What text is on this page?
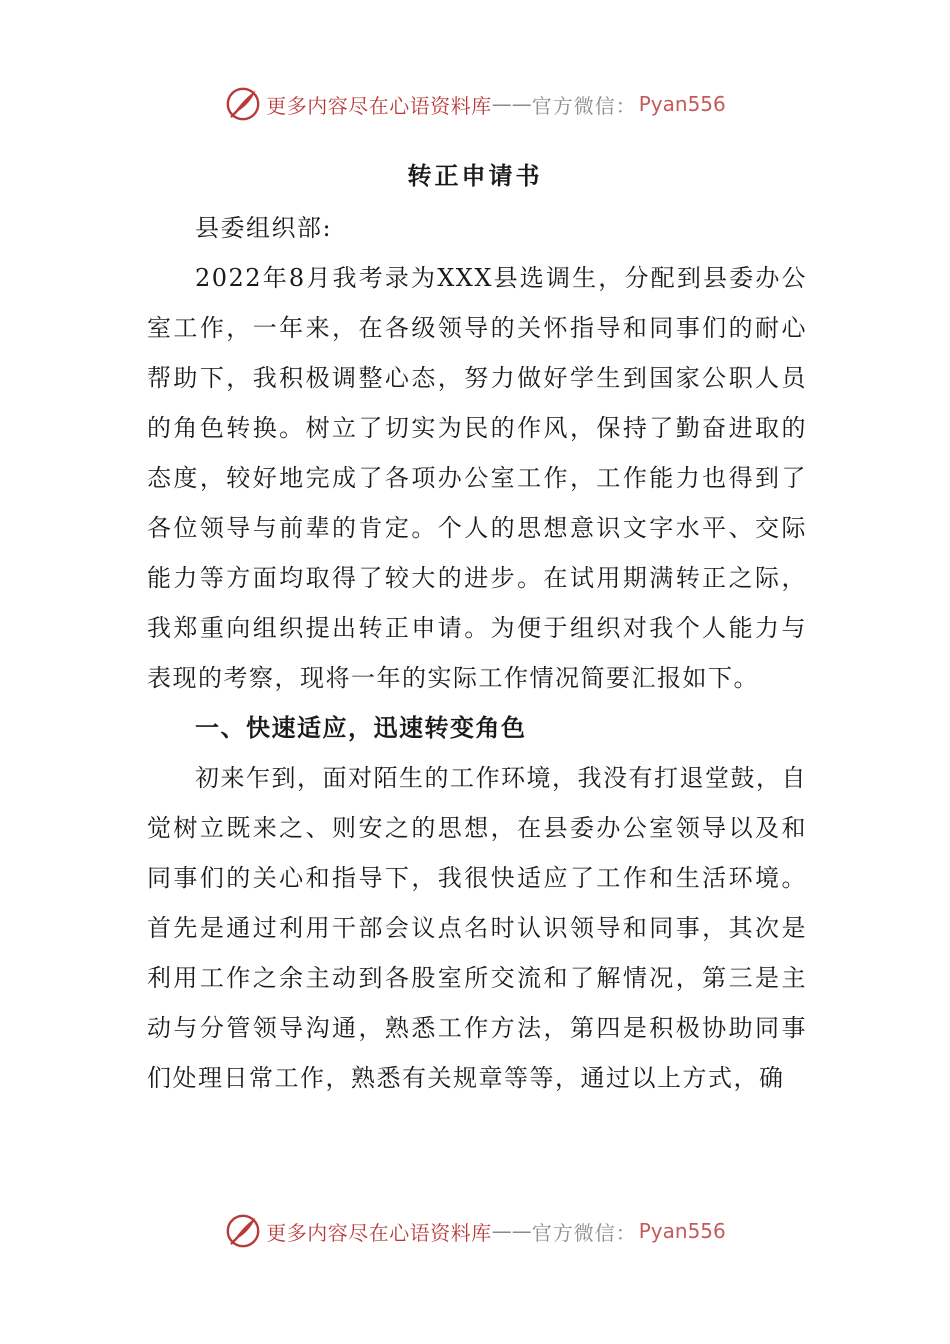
更多内容尽在心语资料库 —— 官方微信： Pyan556
转正申请书

县委组织部:

2022年8月我考录为XXX县选调生，分配到县委办公室工作，一年来，在各级领导的关怀指导和同事们的耐心帮助下，我积极调整心态，努力做好学生到国家公职人员的角色转换。树立了切实为民的作风，保持了勤奋进取的态度，较好地完成了各项办公室工作，工作能力也得到了各位领导与前辈的肯定。个人的思想意识文字水平、交际能力等方面均取得了较大的进步。在试用期满转正之际，我郑重向组织提出转正申请。为便于组织对我个人能力与表现的考察，现将一年的实际工作情况简要汇报如下。

一、快速适应，迅速转变角色

初来乍到，面对陌生的工作环境，我没有打退堂鼓，自觉树立既来之、则安之的思想，在县委办公室领导以及和同事们的关心和指导下，我很快适应了工作和生活环境。首先是通过利用干部会议点名时认识领导和同事，其次是利用工作之余主动到各股室所交流和了解情况，第三是主动与分管领导沟通，熟悉工作方法，第四是积极协助同事们处理日常工作，熟悉有关规章等等，通过以上方式，确

更多内容尽在心语资料库 —— 官方微信： Pyan556
